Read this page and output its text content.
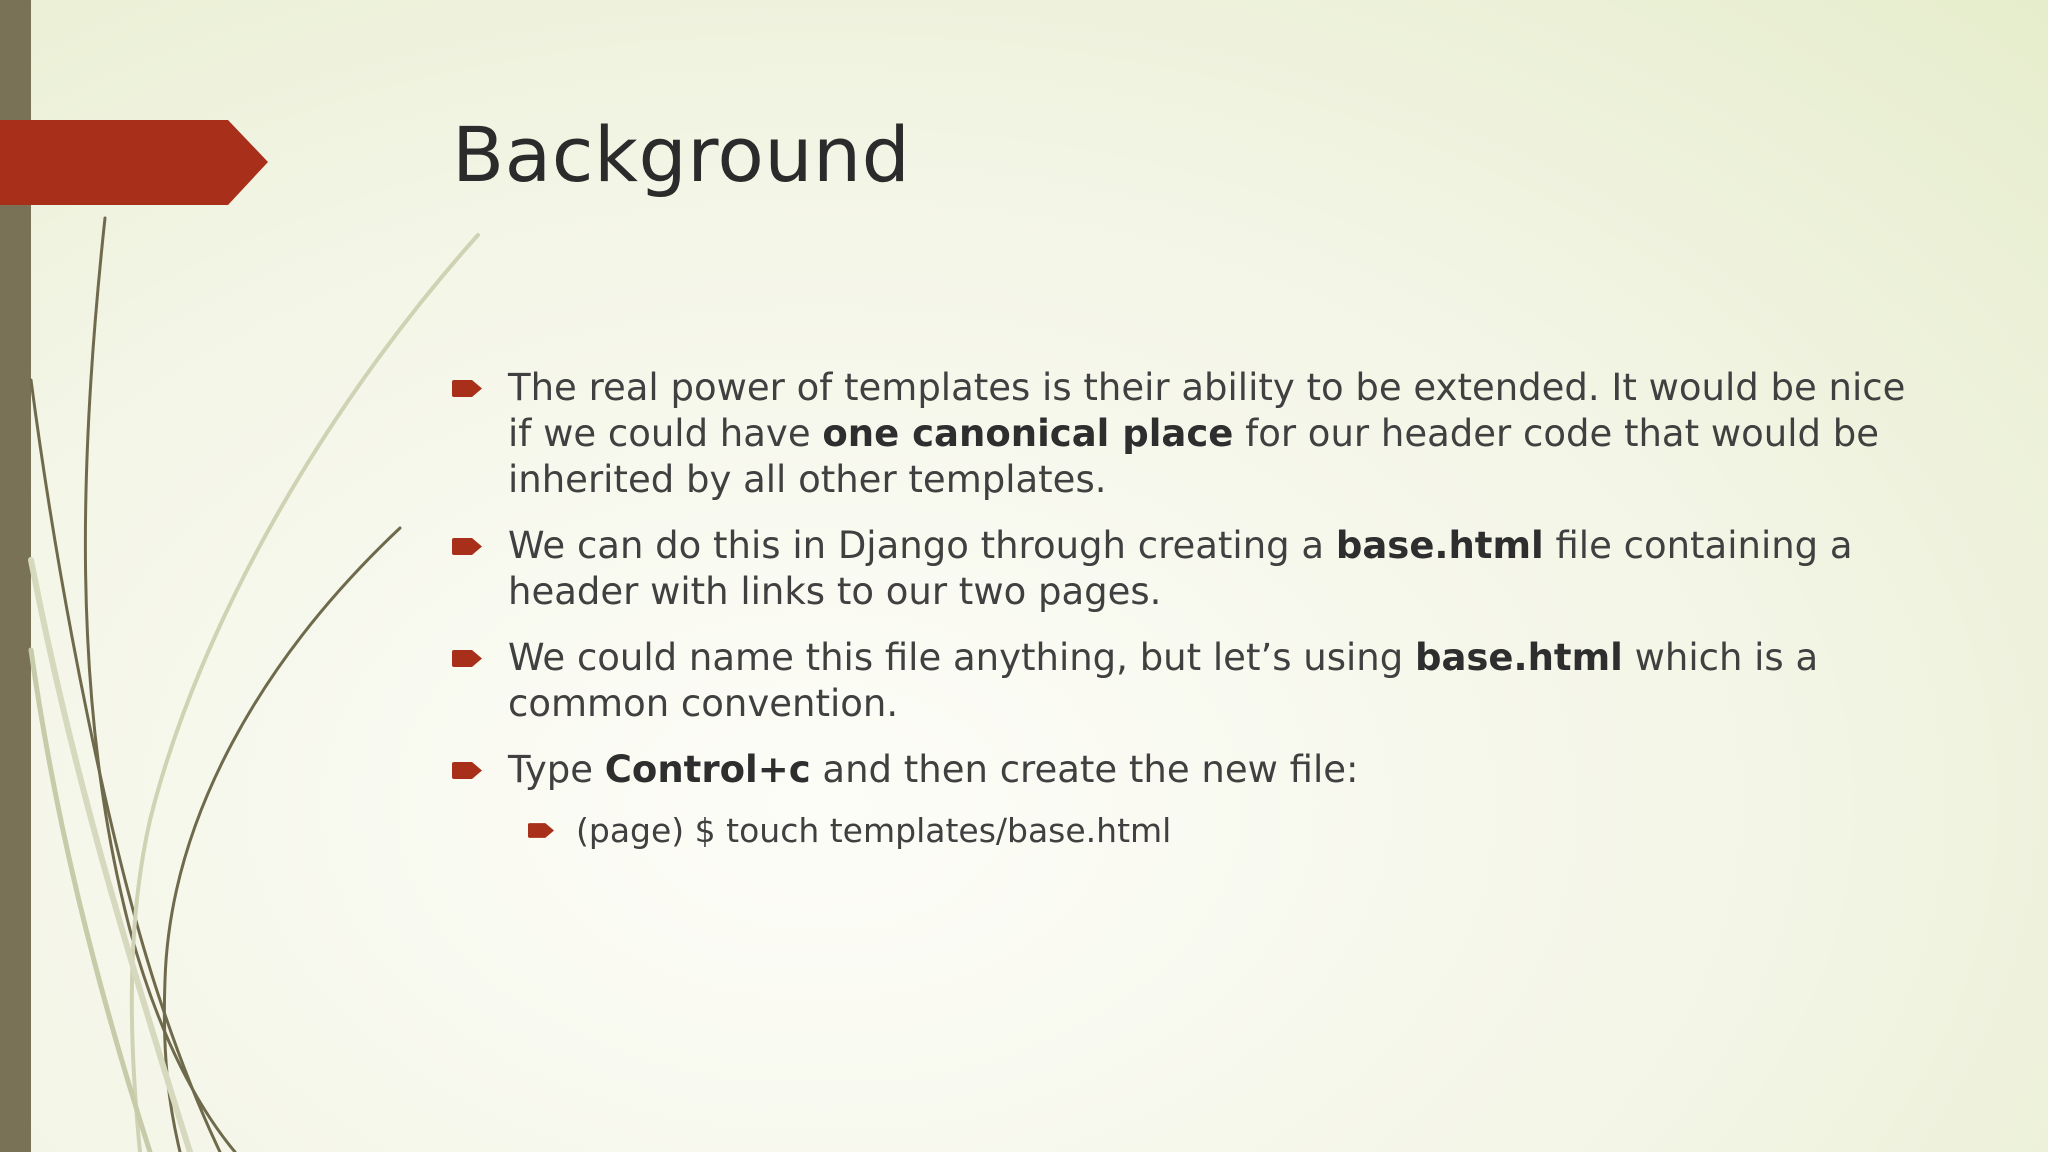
Background
The real power of templates is their ability to be extended. It would be nice if we could have one canonical place for our header code that would be inherited by all other templates.
We can do this in Django through creating a base.html file containing a header with links to our two pages.
We could name this file anything, but let’s using base.html which is a common convention.
Type Control+c and then create the new file:
(page) $ touch templates/base.html
